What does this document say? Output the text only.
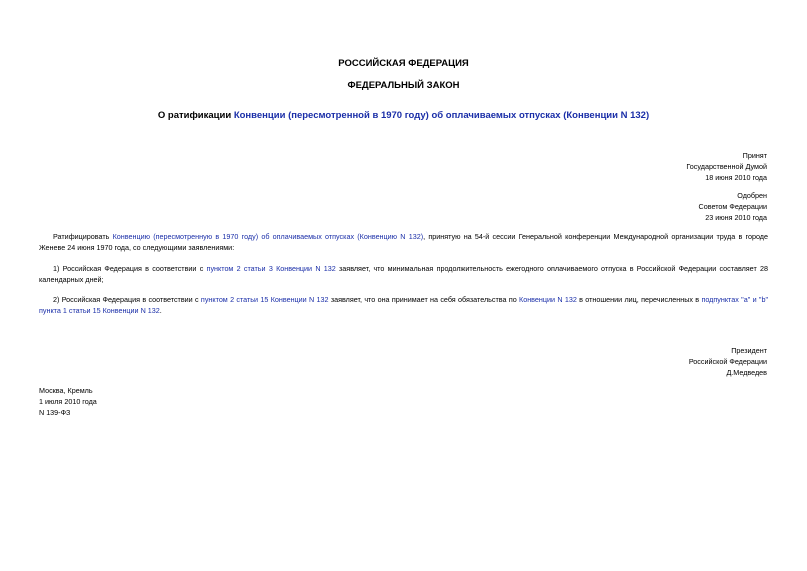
РОССИЙСКАЯ ФЕДЕРАЦИЯ
ФЕДЕРАЛЬНЫЙ ЗАКОН
О ратификации Конвенции (пересмотренной в 1970 году) об оплачиваемых отпусках (Конвенции N 132)
Принят
Государственной Думой
18 июня 2010 года
Одобрен
Советом Федерации
23 июня 2010 года

Ратифицировать Конвенцию (пересмотренную в 1970 году) об оплачиваемых отпусках (Конвенцию N 132), принятую на 54-й сессии Генеральной конференции Международной организации труда в городе Женеве 24 июня 1970 года, со следующими заявлениями:

1) Российская Федерация в соответствии с пунктом 2 статьи 3 Конвенции N 132 заявляет, что минимальная продолжительность ежегодного оплачиваемого отпуска в Российской Федерации составляет 28 календарных дней;

2) Российская Федерация в соответствии с пунктом 2 статьи 15 Конвенции N 132 заявляет, что она принимает на себя обязательства по Конвенции N 132 в отношении лиц, перечисленных в подпунктах "a" и "b" пункта 1 статьи 15 Конвенции N 132.

Президент
Российской Федерации
Д.Медведев
Москва, Кремль
1 июля 2010 года
N 139-ФЗ
